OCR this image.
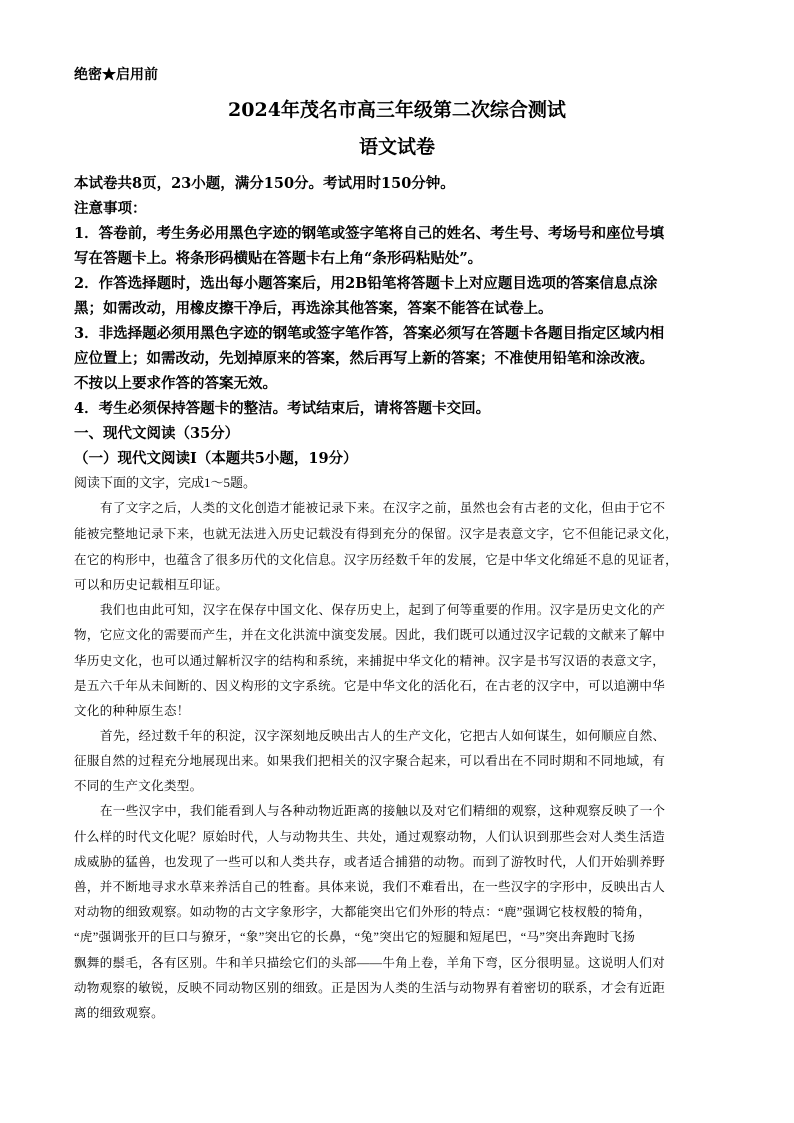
绝密★启用前
2024年茂名市高三年级第二次综合测试
语文试卷
本试卷共8页，23小题，满分150分。考试用时150分钟。
注意事项：
1．答卷前，考生务必用黑色字迹的钢笔或签字笔将自己的姓名、考生号、考场号和座位号填
写在答题卡上。将条形码横贴在答题卡右上角“条形码粘贴处”。
2．作答选择题时，选出每小题答案后，用2B铅笔将答题卡上对应题目选项的答案信息点涂
黑；如需改动，用橡皮擦干净后，再选涂其他答案，答案不能答在试卷上。
3．非选择题必须用黑色字迹的钢笔或签字笔作答，答案必须写在答题卡各题目指定区域内相
应位置上；如需改动，先划掉原来的答案，然后再写上新的答案；不准使用铅笔和涂改液。
不按以上要求作答的答案无效。
4．考生必须保持答题卡的整洁。考试结束后，请将答题卡交回。
一、现代文阅读（35分）
（一）现代文阅读Ⅰ（本题共5小题，19分）
阅读下面的文字，完成1～5题。
有了文字之后，人类的文化创造才能被记录下来。在汉字之前，虽然也会有古老的文化，但由于它不
能被完整地记录下来，也就无法进入历史记载没有得到充分的保留。汉字是表意文字，它不但能记录文化，
在它的构形中，也蕴含了很多历代的文化信息。汉字历经数千年的发展，它是中华文化绵延不息的见证者，
可以和历史记载相互印证。
我们也由此可知，汉字在保存中国文化、保存历史上，起到了何等重要的作用。汉字是历史文化的产
物，它应文化的需要而产生，并在文化洪流中演变发展。因此，我们既可以通过汉字记载的文献来了解中
华历史文化，也可以通过解析汉字的结构和系统，来捕捉中华文化的精神。汉字是书写汉语的表意文字，
是五六千年从未间断的、因义构形的文字系统。它是中华文化的活化石，在古老的汉字中，可以追溯中华
文化的种种原生态！
首先，经过数千年的积淀，汉字深刻地反映出古人的生产文化，它把古人如何谋生，如何顺应自然、
征服自然的过程充分地展现出来。如果我们把相关的汉字聚合起来，可以看出在不同时期和不同地域，有
不同的生产文化类型。
在一些汉字中，我们能看到人与各种动物近距离的接触以及对它们精细的观察，这种观察反映了一个
什么样的时代文化呢？原始时代，人与动物共生、共处，通过观察动物，人们认识到那些会对人类生活造
成威胁的猛兽，也发现了一些可以和人类共存，或者适合捕猎的动物。而到了游牧时代，人们开始驯养野
兽，并不断地寻求水草来养活自己的牲畜。具体来说，我们不难看出，在一些汉字的字形中，反映出古人
对动物的细致观察。如动物的古文字象形字，大都能突出它们外形的特点：“鹿”强调它枝杈般的犄角，
“虎”强调张开的巨口与獠牙，“象”突出它的长鼻，“兔”突出它的短腿和短尾巴，“马”突出奔跑时飞扬
飘舞的鬃毛，各有区别。牛和羊只描绘它们的头部——牛角上卷，羊角下弯，区分很明显。这说明人们对
动物观察的敏锐，反映不同动物区别的细致。正是因为人类的生活与动物界有着密切的联系，才会有近距
离的细致观察。
